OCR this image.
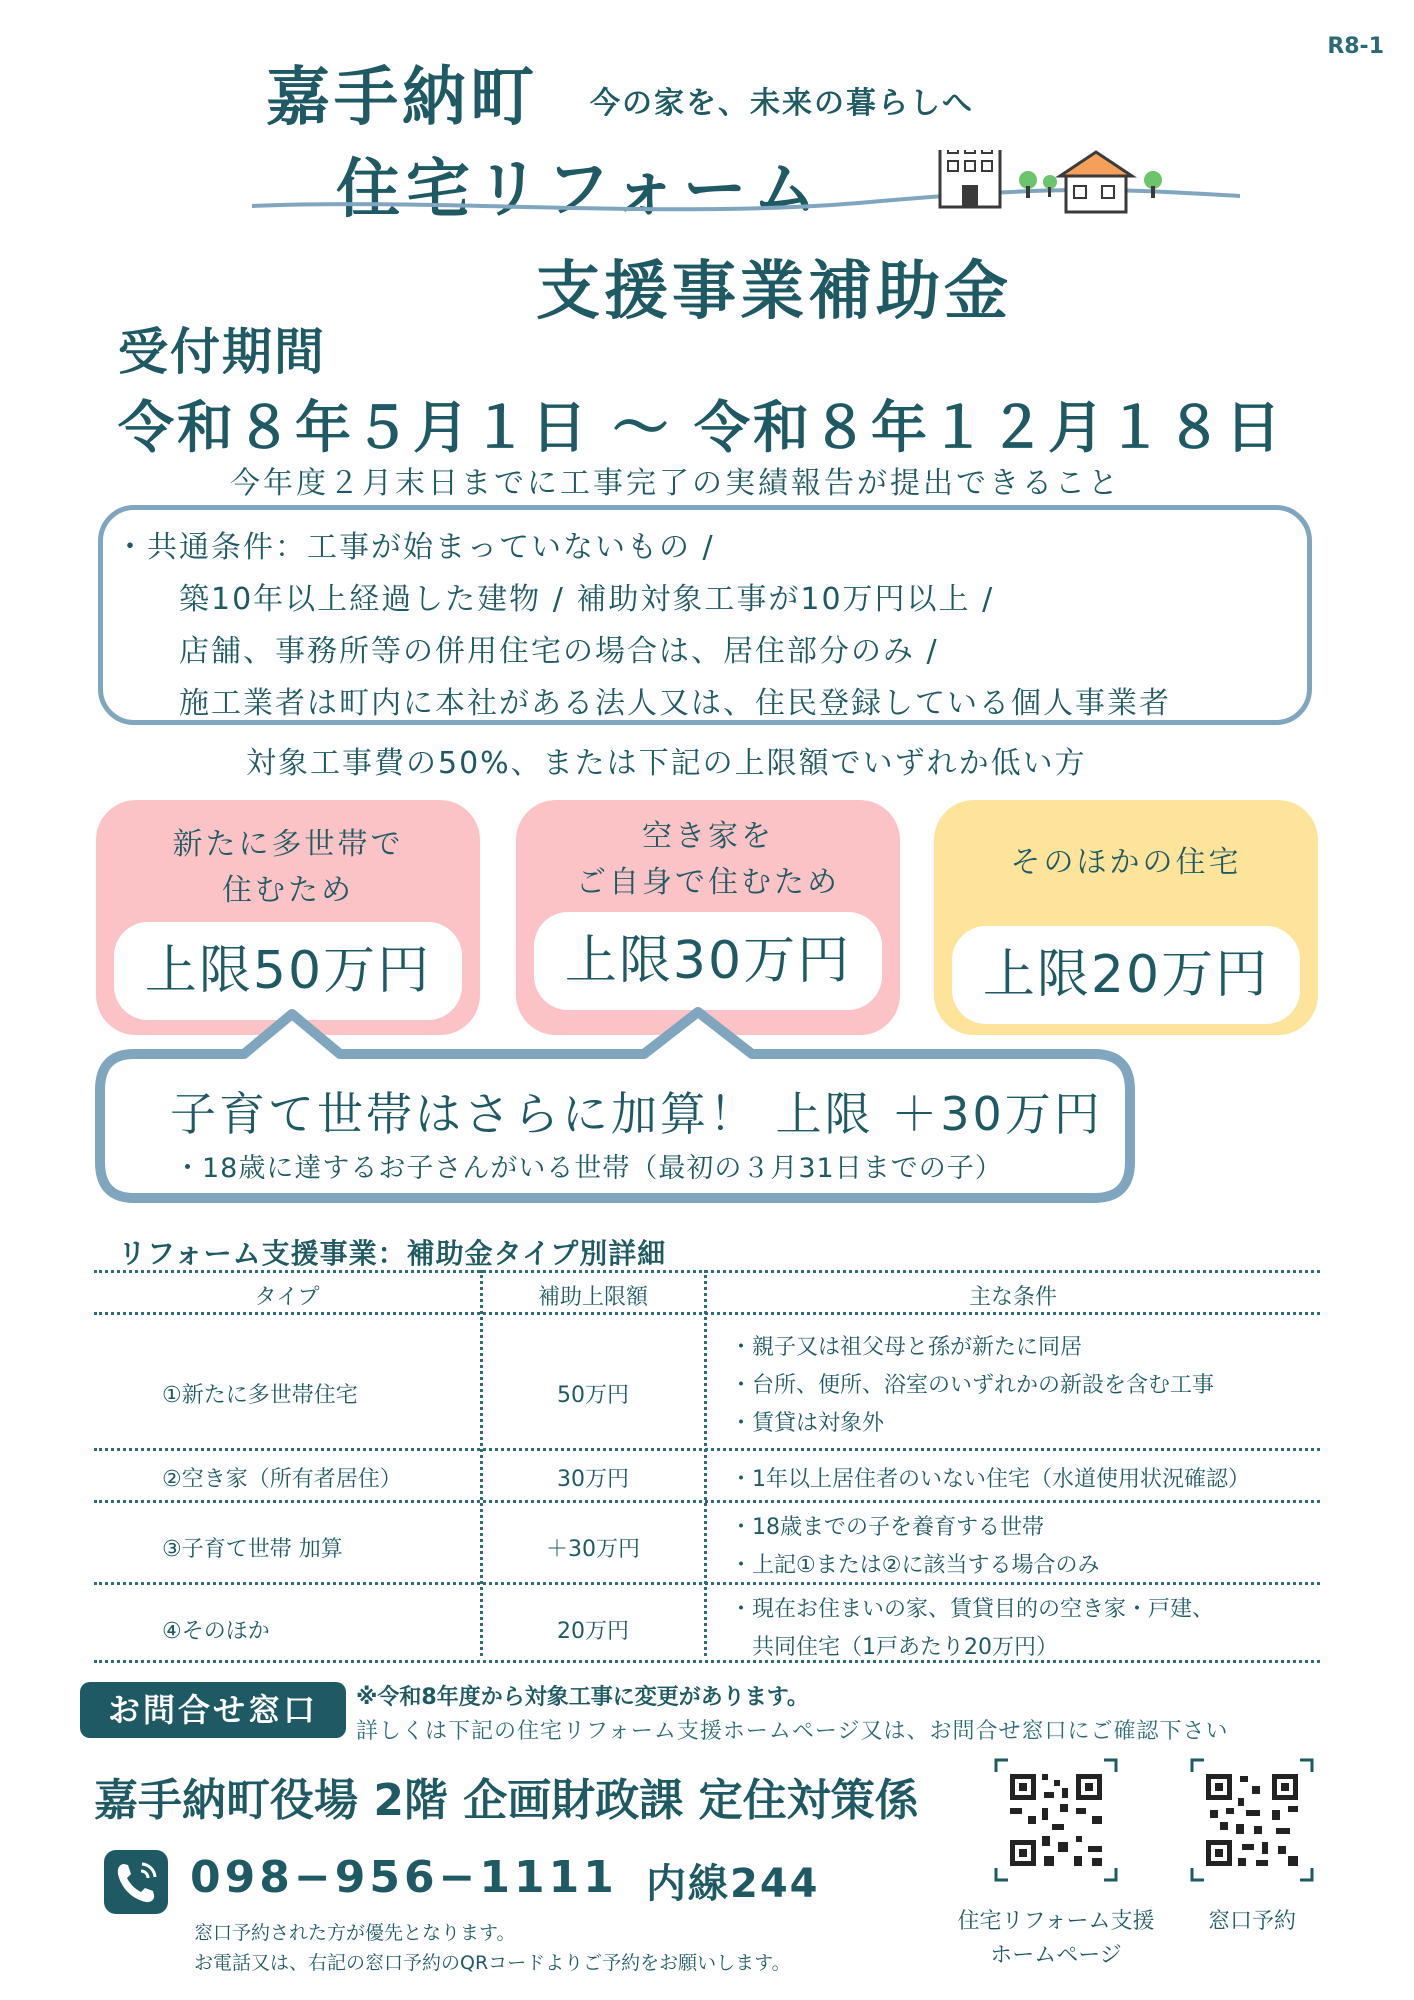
R8-1
嘉手納町 今の家を、未来の暮らしへ
住宅リフォーム
支援事業補助金
受付期間
令和８年５月１日 ～ 令和８年１２月１８日
今年度２月末日までに工事完了の実績報告が提出できること
・共通条件：工事が始まっていないもの /
築10年以上経過した建物 / 補助対象工事が10万円以上 /
店舗、事務所等の併用住宅の場合は、居住部分のみ /
施工業者は町内に本社がある法人又は、住民登録している個人事業者
対象工事費の50%、または下記の上限額でいずれか低い方
新たに多世帯で
住むため
上限50万円
空き家を
ご自身で住むため
上限30万円
そのほかの住宅
上限20万円
子育て世帯はさらに加算！ 上限 ＋30万円
・18歳に達するお子さんがいる世帯（最初の３月31日までの子）
リフォーム支援事業：補助金タイプ別詳細
タイプ	補助上限額	主な条件
①新たに多世帯住宅	50万円
・親子又は祖父母と孫が新たに同居
・台所、便所、浴室のいずれかの新設を含む工事
・賃貸は対象外
②空き家（所有者居住）	30万円	・1年以上居住者のいない住宅（水道使用状況確認）
③子育て世帯 加算	＋30万円
・18歳までの子を養育する世帯
・上記①または②に該当する場合のみ
④そのほか	20万円
・現在お住まいの家、賃貸目的の空き家・戸建、
共同住宅（1戸あたり20万円）
お問合せ窓口	※令和8年度から対象工事に変更があります。
詳しくは下記の住宅リフォーム支援ホームページ又は、お問合せ窓口にご確認下さい
嘉手納町役場 2階 企画財政課 定住対策係
098−956−1111 内線244
窓口予約された方が優先となります。
お電話又は、右記の窓口予約のQRコードよりご予約をお願いします。
住宅リフォーム支援
ホームページ
窓口予約
